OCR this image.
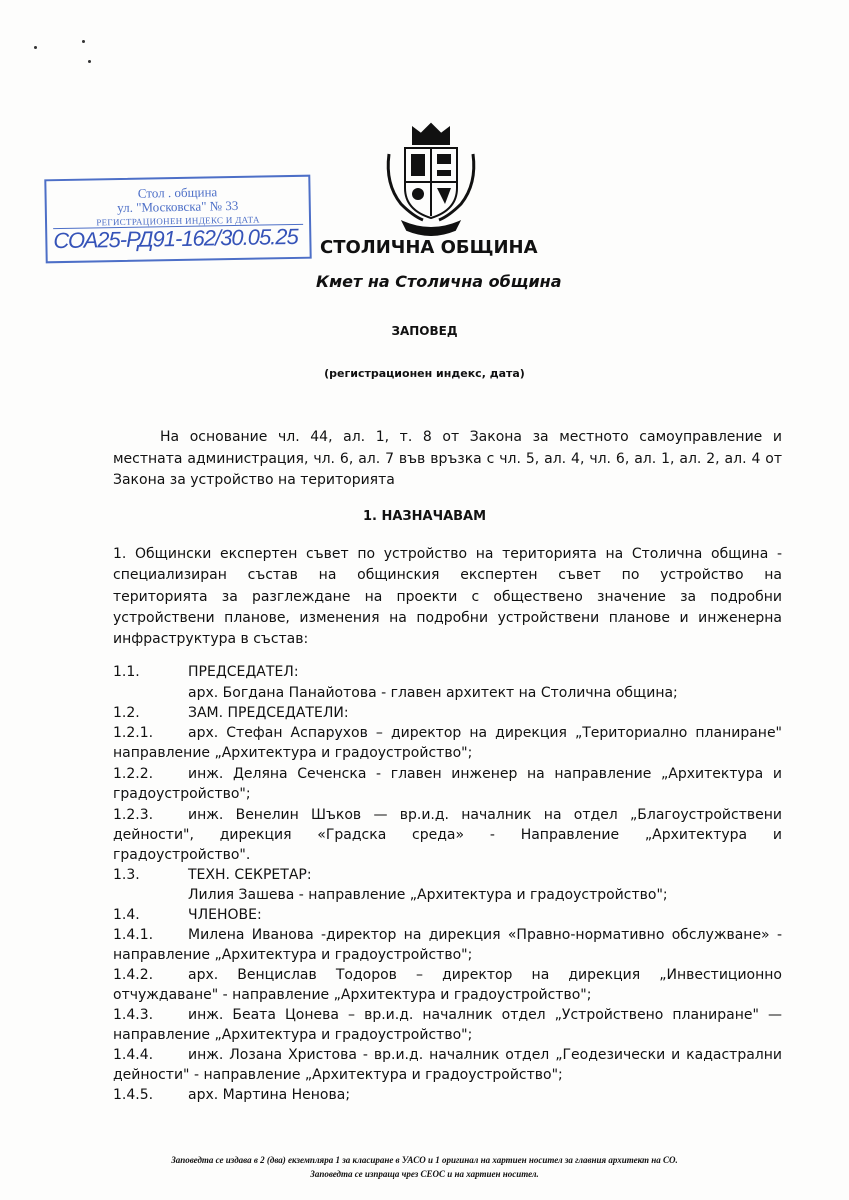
Стол . община
ул. "Московска" № 33
РЕГИСТРАЦИОНЕН ИНДЕКС И ДАТА
СОА25-РД91-162/30.05.25 СТОЛИЧНА ОБЩИНА
Кмет на Столична община
ЗАПОВЕД
(регистрационен индекс, дата)
На основание чл. 44, ал. 1, т. 8 от Закона за местното самоуправление и
местната администрация, чл. 6, ал. 7 във връзка с чл. 5, ал. 4, чл. 6, ал. 1, ал. 2, ал. 4 от
Закона за устройство на територията
1. НАЗНАЧАВАМ
1. Общински експертен съвет по устройство на територията на Столична община -
специализиран състав на общинския експертен съвет по устройство на
територията за разглеждане на проекти с обществено значение за подробни
устройствени планове, изменения на подробни устройствени планове и инженерна
инфраструктура в състав:
1.1.	ПРЕДСЕДАТЕЛ:
арх. Богдана Панайотова - главен архитект на Столична община;
1.2.	ЗАМ. ПРЕДСЕДАТЕЛИ:
1.2.1. арх. Стефан Аспарухов – директор на дирекция „Териториално планиране"
направление „Архитектура и градоустройство";
1.2.2. инж. Деляна Сеченска - главен инженер на направление „Архитектура и
градоустройство";
1.2.3. инж. Венелин Шъков — вр.и.д. началник на отдел „Благоустройствени
дейности", дирекция «Градска среда» - Направление „Архитектура и
градоустройство".
1.3.	ТЕХН. СЕКРЕТАР:
Лилия Зашева - направление „Архитектура и градоустройство";
1.4.	ЧЛЕНОВЕ:
1.4.1. Милена Иванова -директор на дирекция «Правно-нормативно обслужване» -
направление „Архитектура и градоустройство";
1.4.2. арх. Венцислав Тодоров – директор на дирекция „Инвестиционно
отчуждаване" - направление „Архитектура и градоустройство";
1.4.3. инж. Беата Цонева – вр.и.д. началник отдел „Устройствено планиране" —
направление „Архитектура и градоустройство";
1.4.4. инж. Лозана Христова - вр.и.д. началник отдел „Геодезически и кадастрални
дейности" - направление „Архитектура и градоустройство";
1.4.5. арх. Мартина Ненова;
Заповедта се издава в 2 (два) екземпляра 1 за класиране в УАСО и 1 оригинал на хартиен носител за главния архитект на СО.
Заповедта се изпраща чрез СЕОС и на хартиен носител.
